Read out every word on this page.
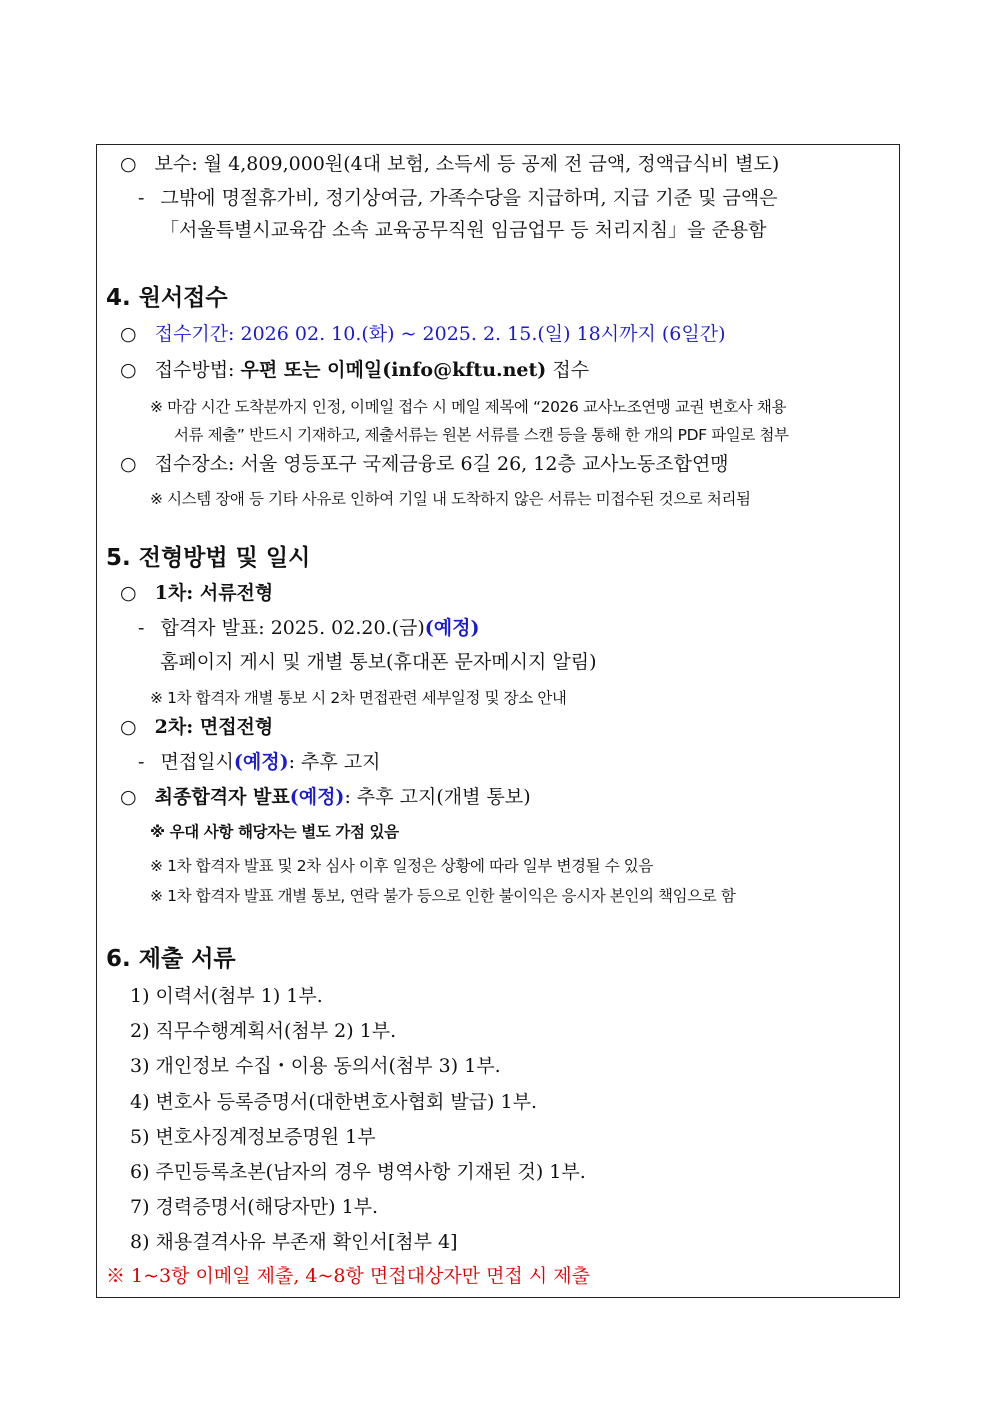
○ 보수: 월 4,809,000원(4대 보험, 소득세 등 공제 전 금액, 정액급식비 별도)
- 그밖에 명절휴가비, 정기상여금, 가족수당을 지급하며, 지급 기준 및 금액은
「서울특별시교육감 소속 교육공무직원 임금업무 등 처리지침」을 준용함
4. 원서접수
○ 접수기간: 2026 02. 10.(화) ~ 2025. 2. 15.(일) 18시까지 (6일간)
○ 접수방법: 우편 또는 이메일(info@kftu.net) 접수
※ 마감 시간 도착분까지 인정, 이메일 접수 시 메일 제목에 “2026 교사노조연맹 교권 변호사 채용
서류 제출” 반드시 기재하고, 제출서류는 원본 서류를 스캔 등을 통해 한 개의 PDF 파일로 첨부
○ 접수장소: 서울 영등포구 국제금융로 6길 26, 12층 교사노동조합연맹
※ 시스템 장애 등 기타 사유로 인하여 기일 내 도착하지 않은 서류는 미접수된 것으로 처리됨
5. 전형방법 및 일시
○ 1차: 서류전형
- 합격자 발표: 2025. 02.20.(금)(예정)
홈페이지 게시 및 개별 통보(휴대폰 문자메시지 알림)
※ 1차 합격자 개별 통보 시 2차 면접관련 세부일정 및 장소 안내
○ 2차: 면접전형
- 면접일시(예정): 추후 고지
○ 최종합격자 발표(예정): 추후 고지(개별 통보)
※ 우대 사항 해당자는 별도 가점 있음
※ 1차 합격자 발표 및 2차 심사 이후 일정은 상황에 따라 일부 변경될 수 있음
※ 1차 합격자 발표 개별 통보, 연락 불가 등으로 인한 불이익은 응시자 본인의 책임으로 함
6. 제출 서류
1) 이력서(첨부 1) 1부.
2) 직무수행계획서(첨부 2) 1부.
3) 개인정보 수집・이용 동의서(첨부 3) 1부.
4) 변호사 등록증명서(대한변호사협회 발급) 1부.
5) 변호사징계정보증명원 1부
6) 주민등록초본(남자의 경우 병역사항 기재된 것) 1부.
7) 경력증명서(해당자만) 1부.
8) 채용결격사유 부존재 확인서[첨부 4]
※ 1~3항 이메일 제출, 4~8항 면접대상자만 면접 시 제출
